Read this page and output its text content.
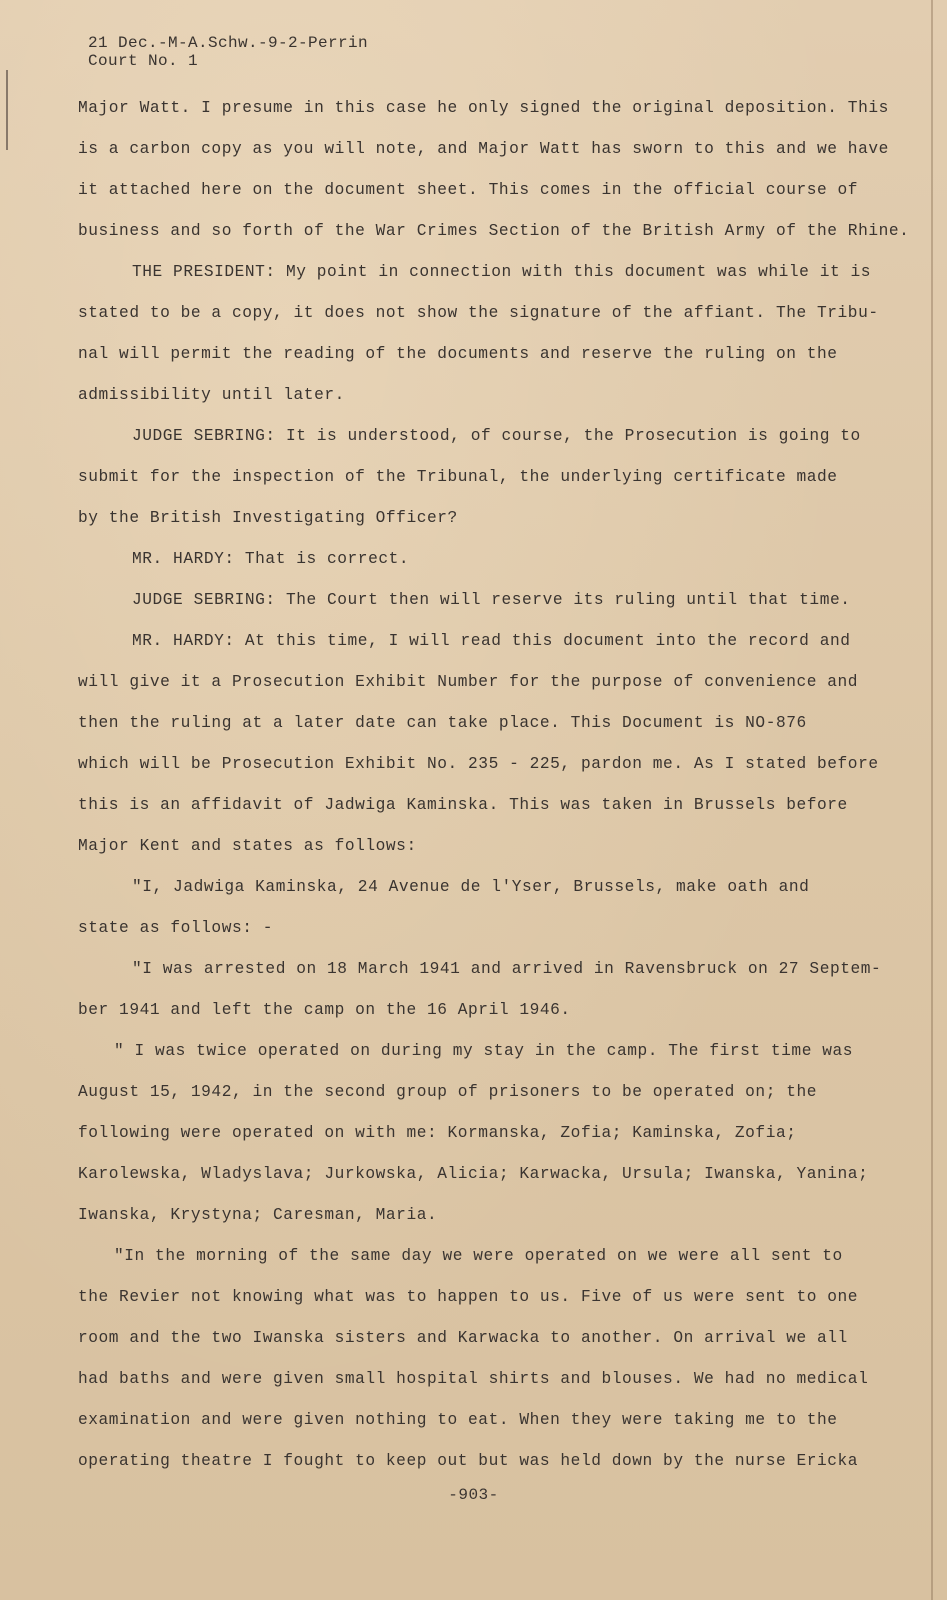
21 Dec.-M-A.Schw.-9-2-Perrin
Court No. 1
Major Watt. I presume in this case he only signed the original deposition. This
is a carbon copy as you will note, and Major Watt has sworn to this and we have
it attached here on the document sheet. This comes in the official course of
business and so forth of the War Crimes Section of the British Army of the Rhine.
THE PRESIDENT: My point in connection with this document was while it is
stated to be a copy, it does not show the signature of the affiant. The Tribu-
nal will permit the reading of the documents and reserve the ruling on the
admissibility until later.
JUDGE SEBRING: It is understood, of course, the Prosecution is going to
submit for the inspection of the Tribunal, the underlying certificate made
by the British Investigating Officer?
MR. HARDY: That is correct.
JUDGE SEBRING: The Court then will reserve its ruling until that time.
MR. HARDY: At this time, I will read this document into the record and
will give it a Prosecution Exhibit Number for the purpose of convenience and
then the ruling at a later date can take place. This Document is NO-876
which will be Prosecution Exhibit No. 235 - 225, pardon me. As I stated before
this is an affidavit of Jadwiga Kaminska. This was taken in Brussels before
Major Kent and states as follows:
"I, Jadwiga Kaminska, 24 Avenue de l'Yser, Brussels, make oath and
state as follows: -
"I was arrested on 18 March 1941 and arrived in Ravensbruck on 27 Septem-
ber 1941 and left the camp on the 16 April 1946.
" I was twice operated on during my stay in the camp. The first time was
August 15, 1942, in the second group of prisoners to be operated on; the
following were operated on with me: Kormanska, Zofia; Kaminska, Zofia;
Karolewska, Wladyslava; Jurkowska, Alicia; Karwacka, Ursula; Iwanska, Yanina;
Iwanska, Krystyna; Caresman, Maria.
"In the morning of the same day we were operated on we were all sent to
the Revier not knowing what was to happen to us. Five of us were sent to one
room and the two Iwanska sisters and Karwacka to another. On arrival we all
had baths and were given small hospital shirts and blouses. We had no medical
examination and were given nothing to eat. When they were taking me to the
operating theatre I fought to keep out but was held down by the nurse Ericka
-903-
